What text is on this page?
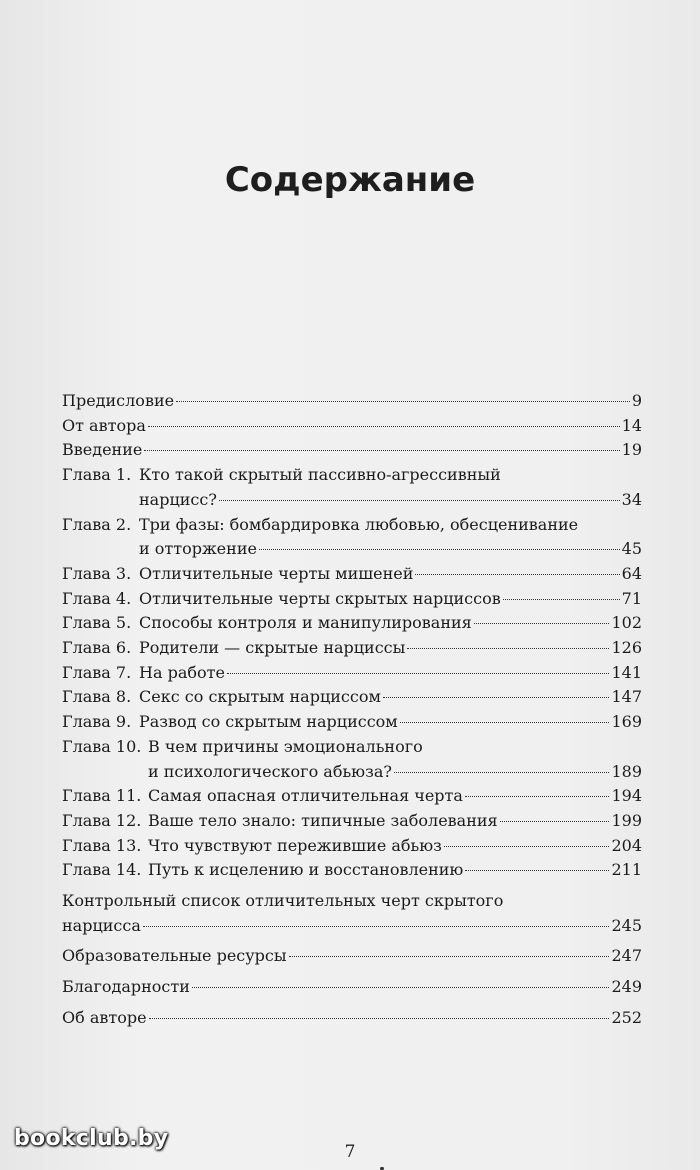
Содержание
Предисловие	9
От автора	14
Введение	19
Глава 1. Кто такой скрытый пассивно-агрессивный
нарцисс?	34
Глава 2. Три фазы: бомбардировка любовью, обесценивание
и отторжение	45
Глава 3. Отличительные черты мишеней	64
Глава 4. Отличительные черты скрытых нарциссов	71
Глава 5. Способы контроля и манипулирования	102
Глава 6. Родители — скрытые нарциссы	126
Глава 7. На работе	141
Глава 8. Секс со скрытым нарциссом	147
Глава 9. Развод со скрытым нарциссом	169
Глава 10. В чем причины эмоционального
и психологического абьюза?	189
Глава 11. Самая опасная отличительная черта	194
Глава 12. Ваше тело знало: типичные заболевания	199
Глава 13. Что чувствуют пережившие абьюз	204
Глава 14. Путь к исцелению и восстановлению	211
Контрольный список отличительных черт скрытого
нарцисса	245
Образовательные ресурсы	247
Благодарности	249
Об авторе	252
7
bookclub.by
